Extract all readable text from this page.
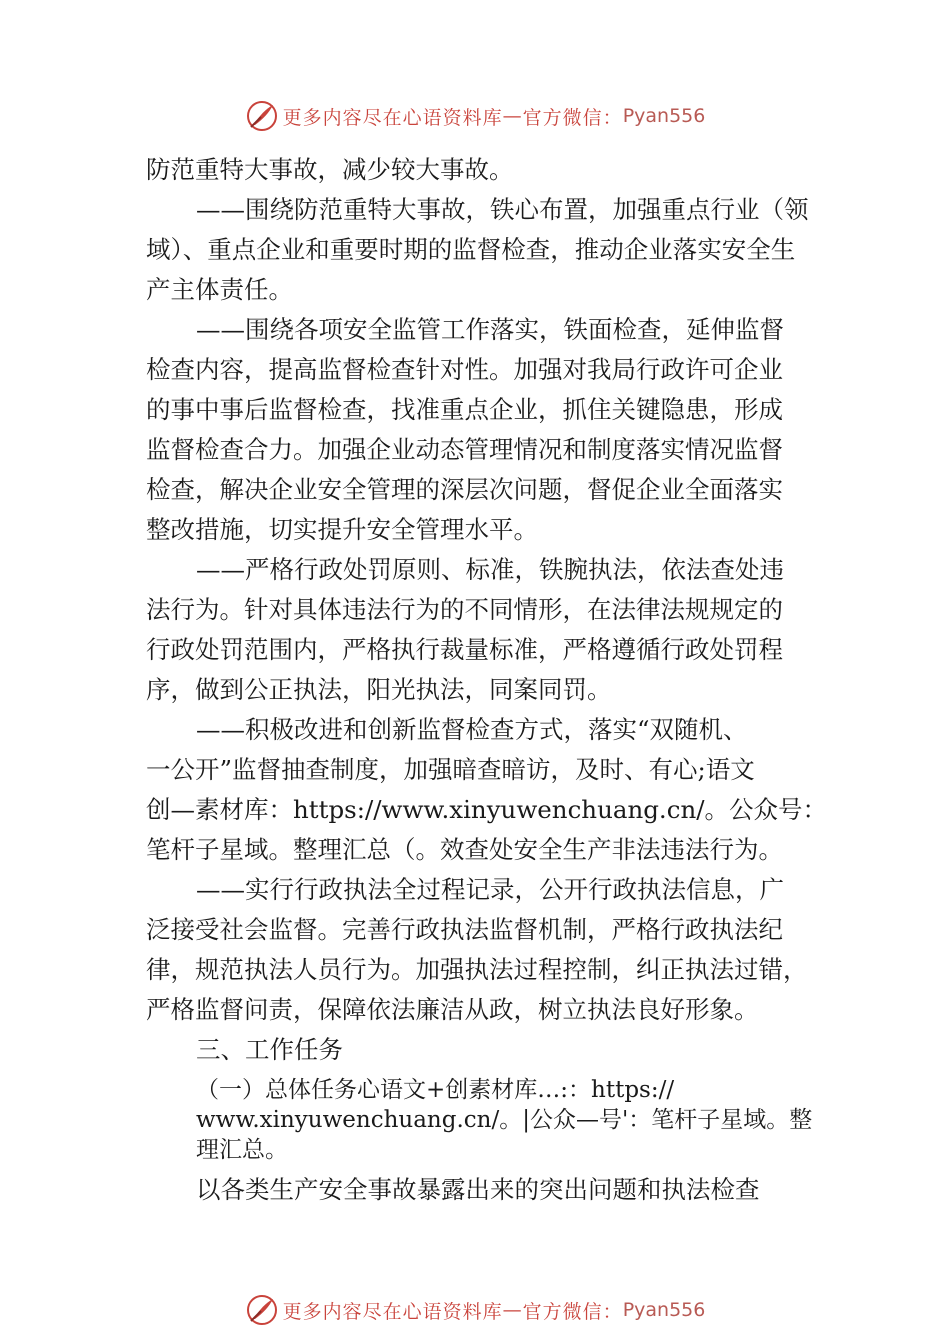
更多内容尽在心语资料库 — 官方微信： Pyan556
防范重特大事故，减少较大事故。
——围绕防范重特大事故，铁心布置，加强重点行业（领
域）、重点企业和重要时期的监督检查，推动企业落实安全生
产主体责任。
——围绕各项安全监管工作落实，铁面检查，延伸监督
检查内容，提高监督检查针对性。加强对我局行政许可企业
的事中事后监督检查，找准重点企业，抓住关键隐患，形成
监督检查合力。加强企业动态管理情况和制度落实情况监督
检查，解决企业安全管理的深层次问题，督促企业全面落实
整改措施，切实提升安全管理水平。
——严格行政处罚原则、标准，铁腕执法，依法查处违
法行为。针对具体违法行为的不同情形，在法律法规规定的
行政处罚范围内，严格执行裁量标准，严格遵循行政处罚程
序，做到公正执法，阳光执法，同案同罚。
——积极改进和创新监督检查方式，落实“双随机、
一公开”监督抽查制度，加强暗查暗访，及时、有心;语文
创—素材库：https://www.xinyuwenchuang.cn/。公众号：
笔杆子星域。整理汇总（。效查处安全生产非法违法行为。
——实行行政执法全过程记录，公开行政执法信息，广
泛接受社会监督。完善行政执法监督机制，严格行政执法纪
律，规范执法人员行为。加强执法过程控制，纠正执法过错，
严格监督问责，保障依法廉洁从政，树立执法良好形象。
三、工作任务
（一）总体任务心语文+创素材库…:：https://
www.xinyuwenchuang.cn/。|公众—号'：笔杆子星域。整
理汇总。
以各类生产安全事故暴露出来的突出问题和执法检查
更多内容尽在心语资料库 — 官方微信： Pyan556
